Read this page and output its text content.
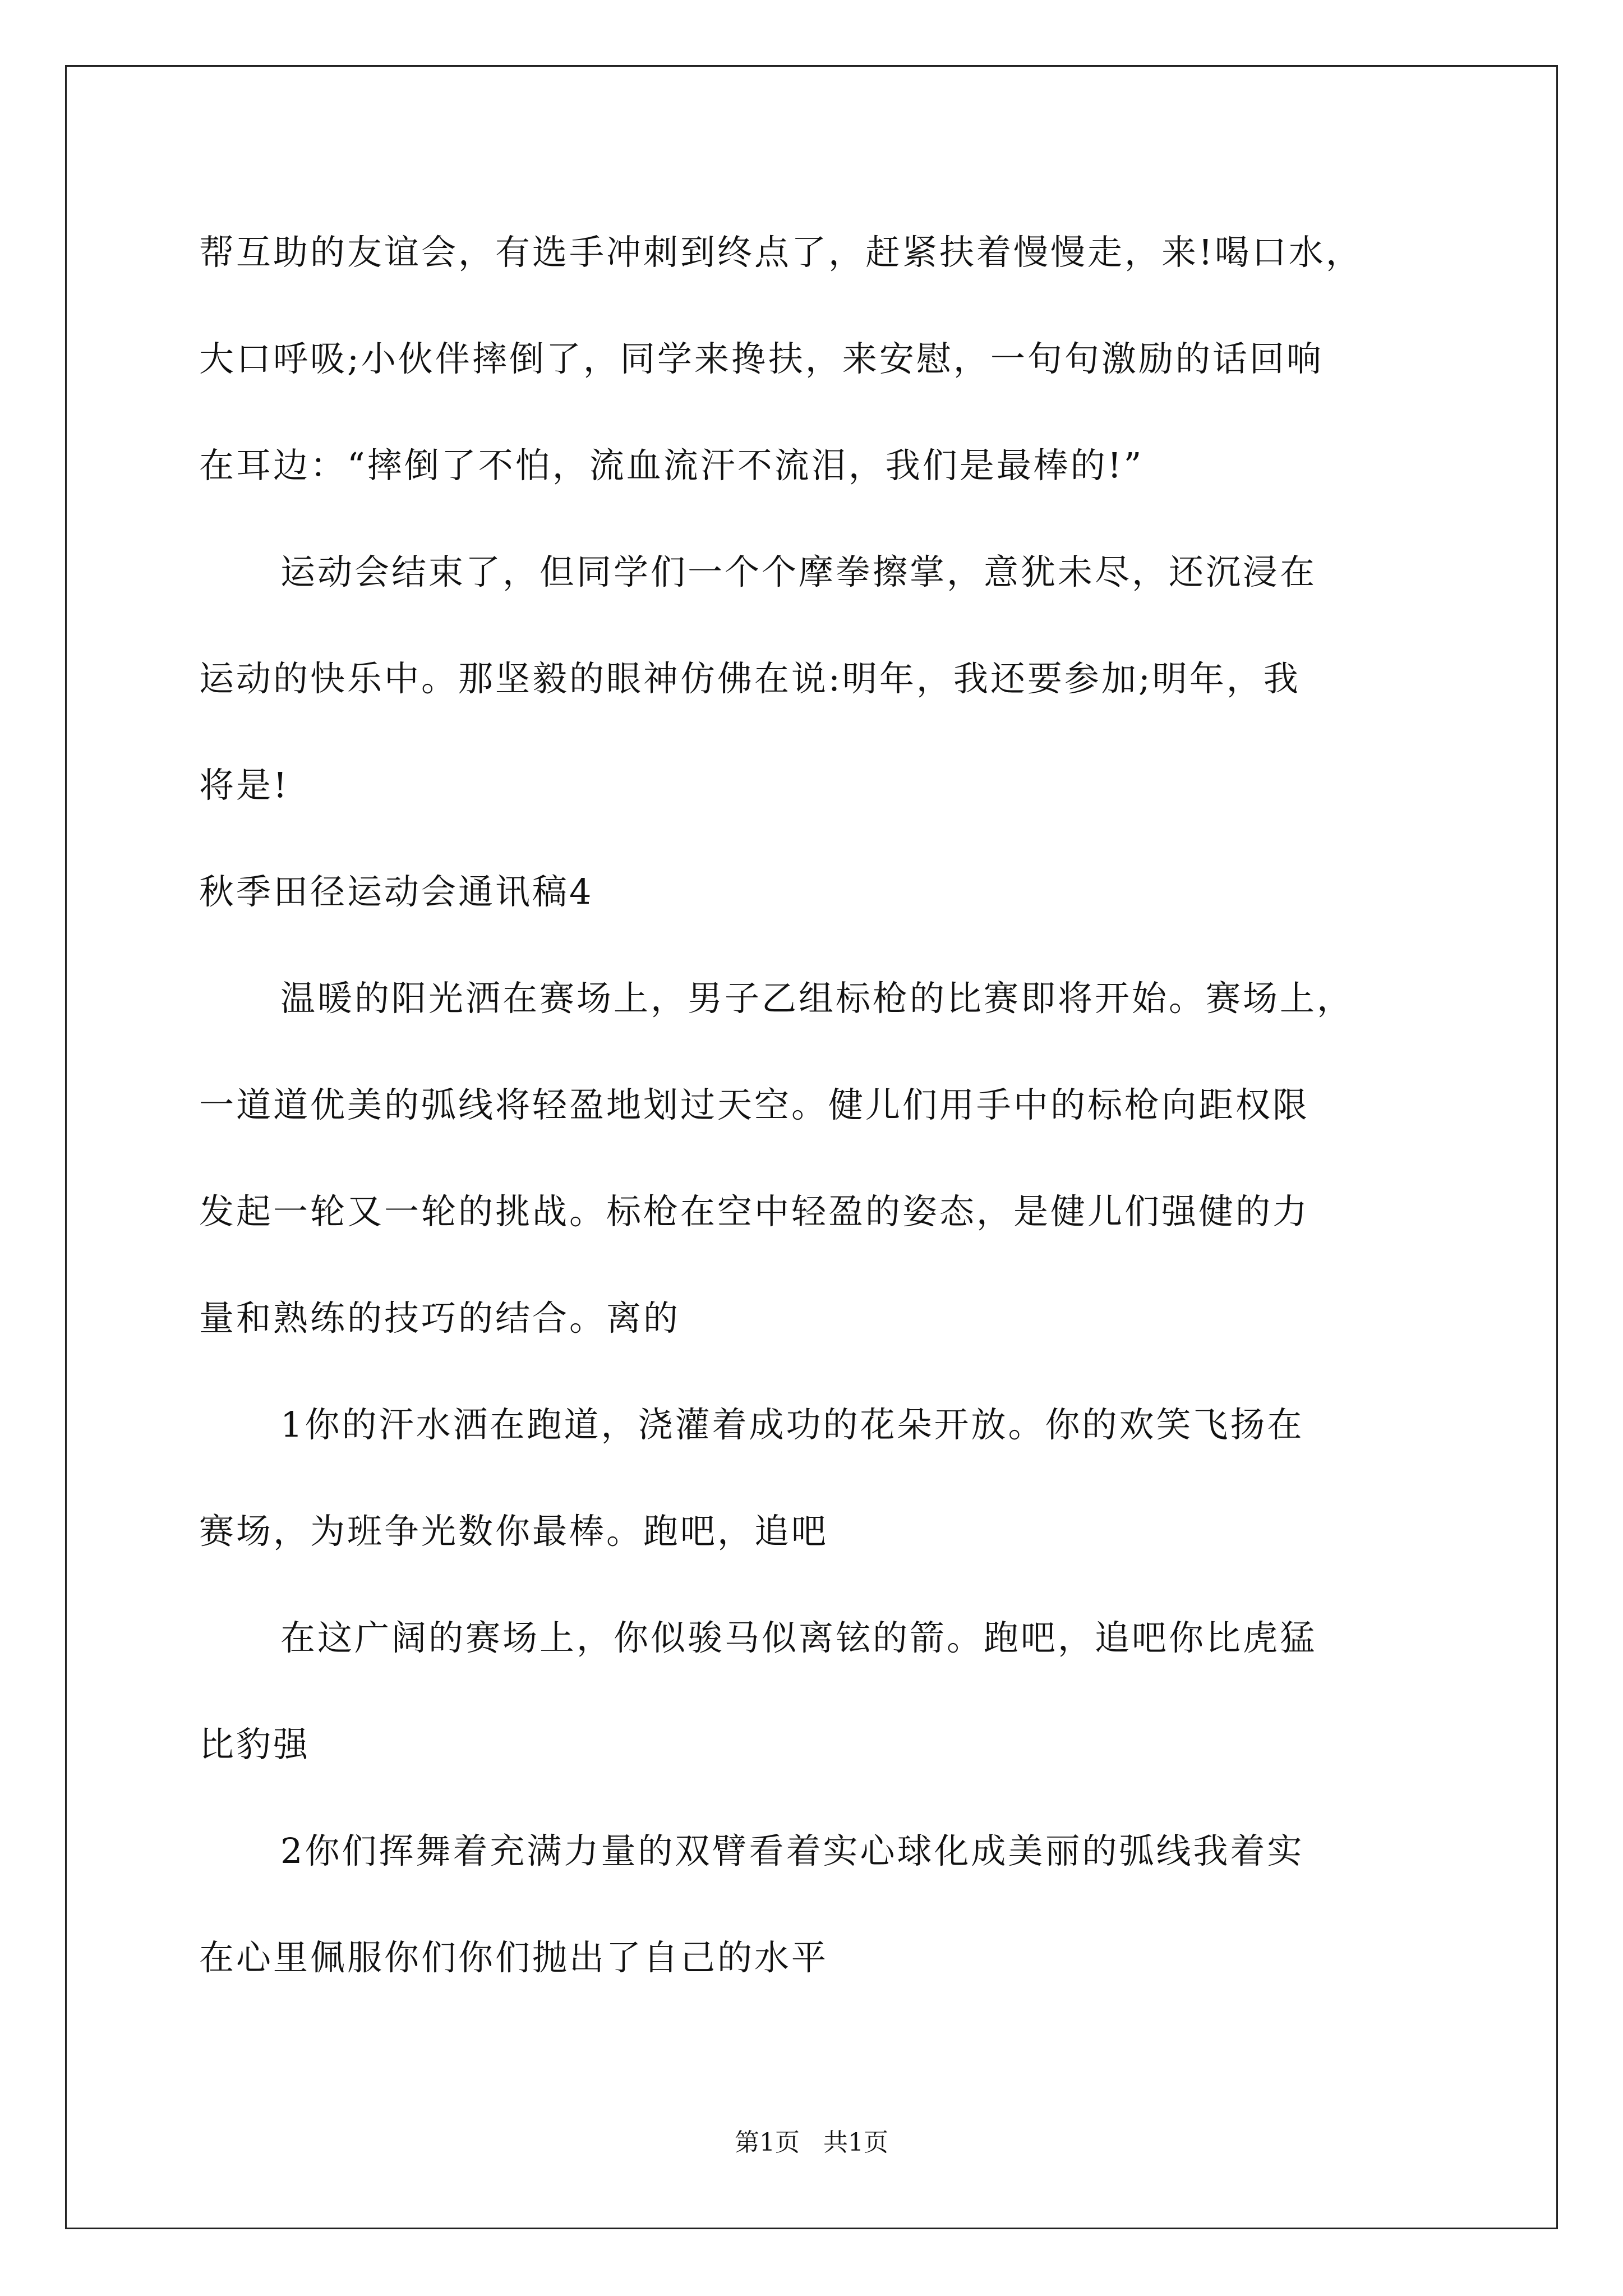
帮互助的友谊会，有选手冲刺到终点了，赶紧扶着慢慢走，来!喝口水，
大口呼吸;小伙伴摔倒了，同学来搀扶，来安慰，一句句激励的话回响
在耳边：“摔倒了不怕，流血流汗不流泪，我们是最棒的!”
运动会结束了，但同学们一个个摩拳擦掌，意犹未尽，还沉浸在
运动的快乐中。那坚毅的眼神仿佛在说:明年，我还要参加;明年，我
将是!
秋季田径运动会通讯稿4
温暖的阳光洒在赛场上，男子乙组标枪的比赛即将开始。赛场上，
一道道优美的弧线将轻盈地划过天空。健儿们用手中的标枪向距权限
发起一轮又一轮的挑战。标枪在空中轻盈的姿态，是健儿们强健的力
量和熟练的技巧的结合。离的
1你的汗水洒在跑道，浇灌着成功的花朵开放。你的欢笑飞扬在
赛场，为班争光数你最棒。跑吧，追吧
在这广阔的赛场上，你似骏马似离铉的箭。跑吧，追吧你比虎猛
比豹强
2你们挥舞着充满力量的双臂看着实心球化成美丽的弧线我着实
在心里佩服你们你们抛出了自己的水平
第1页   共1页
